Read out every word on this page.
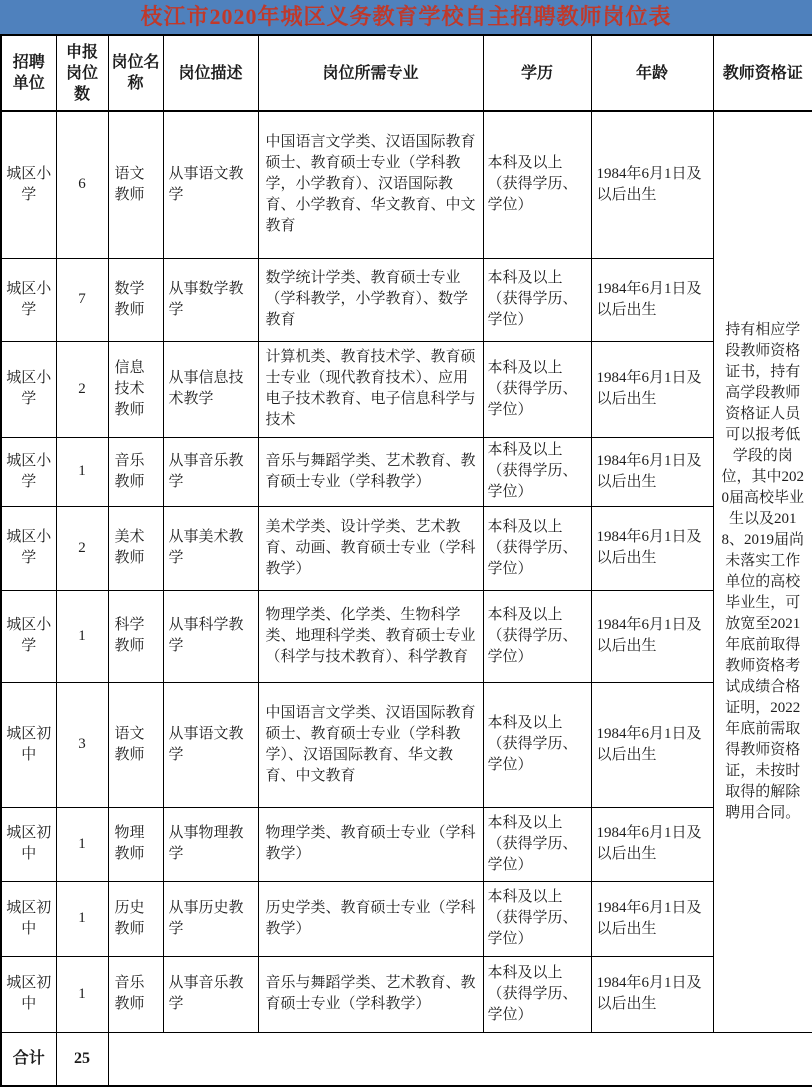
枝江市2020年城区义务教育学校自主招聘教师岗位表
招聘单位	申报岗位数	岗位名称	岗位描述	岗位所需专业	学历	年龄	教师资格证
城区小学	6	语文教师	从事语文教学	中国语言文学类、汉语国际教育硕士、教育硕士专业（学科教学，小学教育）、汉语国际教育、小学教育、华文教育、中文教育	本科及以上（获得学历、学位）	1984年6月1日及以后出生	持有相应学段教师资格证书，持有高学段教师资格证人员可以报考低学段的岗位，其中2020届高校毕业生以及2018、2019届尚未落实工作单位的高校毕业生，可放宽至2021年底前取得教师资格考试成绩合格证明，2022年底前需取得教师资格证，未按时取得的解除聘用合同。
城区小学	7	数学教师	从事数学教学	数学统计学类、教育硕士专业（学科教学，小学教育）、数学教育	本科及以上（获得学历、学位）	1984年6月1日及以后出生	
城区小学	2	信息技术教师	从事信息技术教学	计算机类、教育技术学、教育硕士专业（现代教育技术）、应用电子技术教育、电子信息科学与技术	本科及以上（获得学历、学位）	1984年6月1日及以后出生	
城区小学	1	音乐教师	从事音乐教学	音乐与舞蹈学类、艺术教育、教育硕士专业（学科教学）	本科及以上（获得学历、学位）	1984年6月1日及以后出生	
城区小学	2	美术教师	从事美术教学	美术学类、设计学类、艺术教育、动画、教育硕士专业（学科教学）	本科及以上（获得学历、学位）	1984年6月1日及以后出生	
城区小学	1	科学教师	从事科学教学	物理学类、化学类、生物科学类、地理科学类、教育硕士专业（科学与技术教育）、科学教育	本科及以上（获得学历、学位）	1984年6月1日及以后出生	
城区初中	3	语文教师	从事语文教学	中国语言文学类、汉语国际教育硕士、教育硕士专业（学科教学）、汉语国际教育、华文教育、中文教育	本科及以上（获得学历、学位）	1984年6月1日及以后出生	
城区初中	1	物理教师	从事物理教学	物理学类、教育硕士专业（学科教学）	本科及以上（获得学历、学位）	1984年6月1日及以后出生	
城区初中	1	历史教师	从事历史教学	历史学类、教育硕士专业（学科教学）	本科及以上（获得学历、学位）	1984年6月1日及以后出生	
城区初中	1	音乐教师	从事音乐教学	音乐与舞蹈学类、艺术教育、教育硕士专业（学科教学）	本科及以上（获得学历、学位）	1984年6月1日及以后出生	
合计	25						
